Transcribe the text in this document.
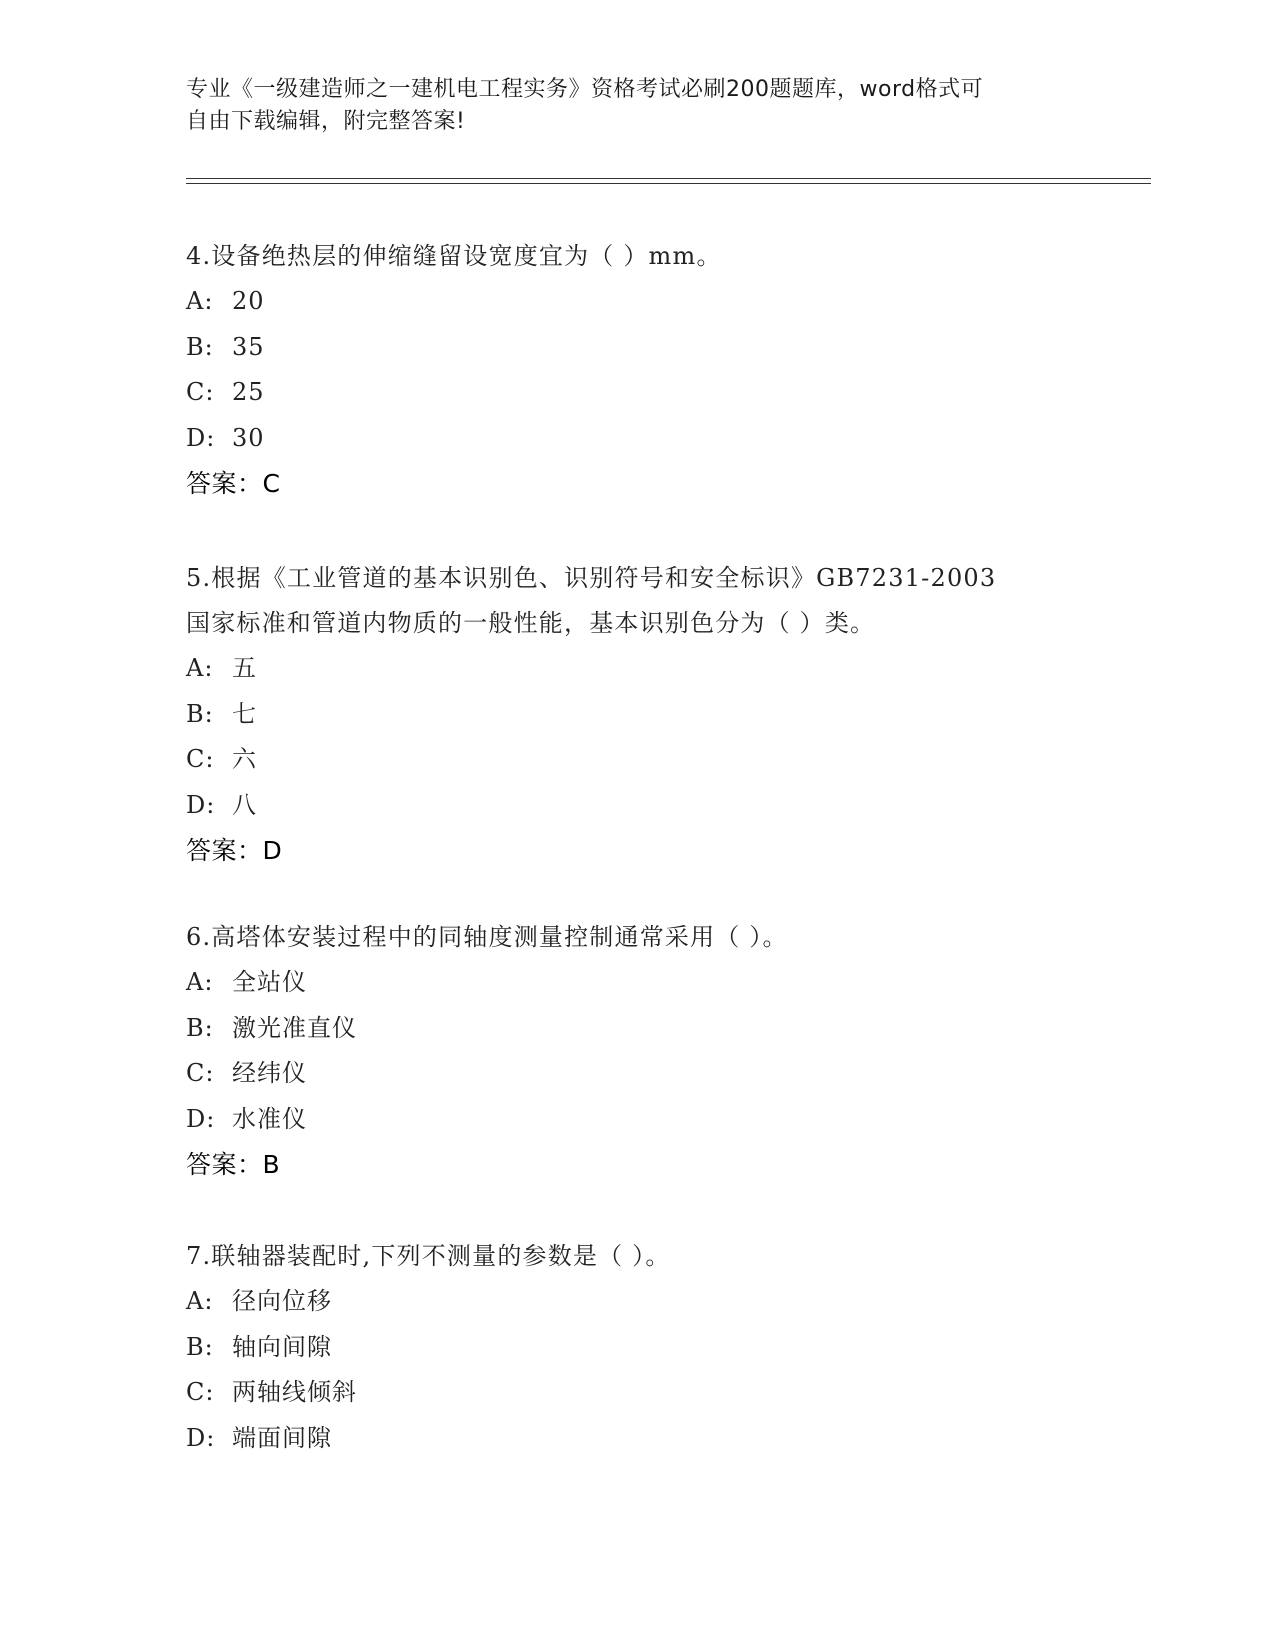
专业《一级建造师之一建机电工程实务》资格考试必刷200题题库，word格式可
自由下载编辑，附完整答案!
4.设备绝热层的伸缩缝留设宽度宜为（ ）mm。
A: 20
B: 35
C: 25
D: 30
答案：C
5.根据《工业管道的基本识别色、识别符号和安全标识》GB7231-2003
国家标准和管道内物质的一般性能，基本识别色分为（ ）类。
A: 五
B: 七
C: 六
D: 八
答案：D
6.高塔体安装过程中的同轴度测量控制通常采用（ ）。
A: 全站仪
B: 激光准直仪
C: 经纬仪
D: 水准仪
答案：B
7.联轴器装配时,下列不测量的参数是（ ）。
A: 径向位移
B: 轴向间隙
C: 两轴线倾斜
D: 端面间隙
